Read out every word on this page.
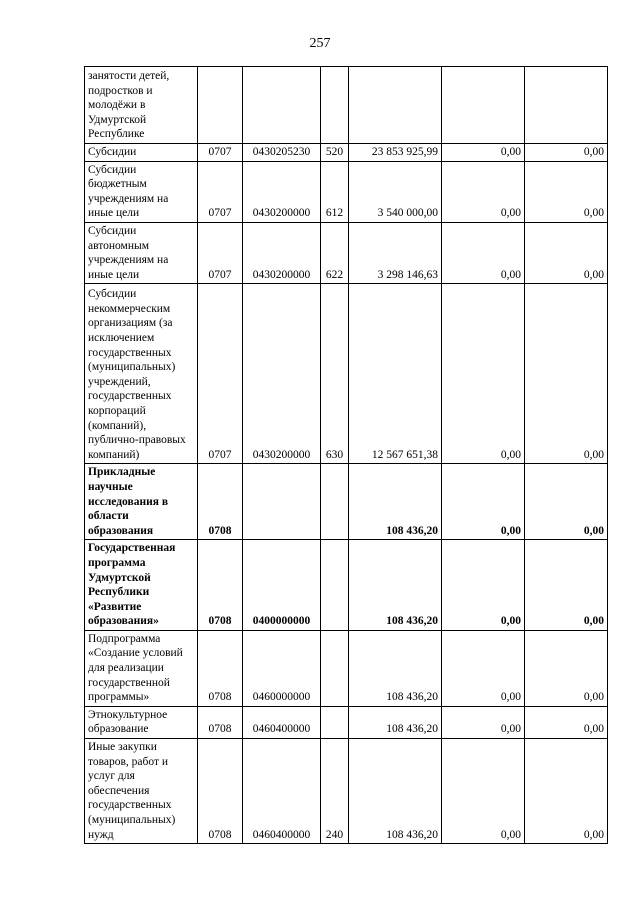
257
занятости детей, подростков и молодёжи в Удмуртской Республике						
Субсидии	0707	0430205230	520	23 853 925,99	0,00	0,00
Субсидии бюджетным учреждениям на иные цели	0707	0430200000	612	3 540 000,00	0,00	0,00
Субсидии автономным учреждениям на иные цели	0707	0430200000	622	3 298 146,63	0,00	0,00
Субсидии некоммерческим организациям (за исключением государственных (муниципальных) учреждений, государственных корпораций (компаний), публично-правовых компаний)	0707	0430200000	630	12 567 651,38	0,00	0,00
Прикладные научные исследования в области образования	0708			108 436,20	0,00	0,00
Государственная программа Удмуртской Республики «Развитие образования»	0708	0400000000		108 436,20	0,00	0,00
Подпрограмма «Создание условий для реализации государственной программы»	0708	0460000000		108 436,20	0,00	0,00
Этнокультурное образование	0708	0460400000		108 436,20	0,00	0,00
Иные закупки товаров, работ и услуг для обеспечения государственных (муниципальных) нужд	0708	0460400000	240	108 436,20	0,00	0,00
